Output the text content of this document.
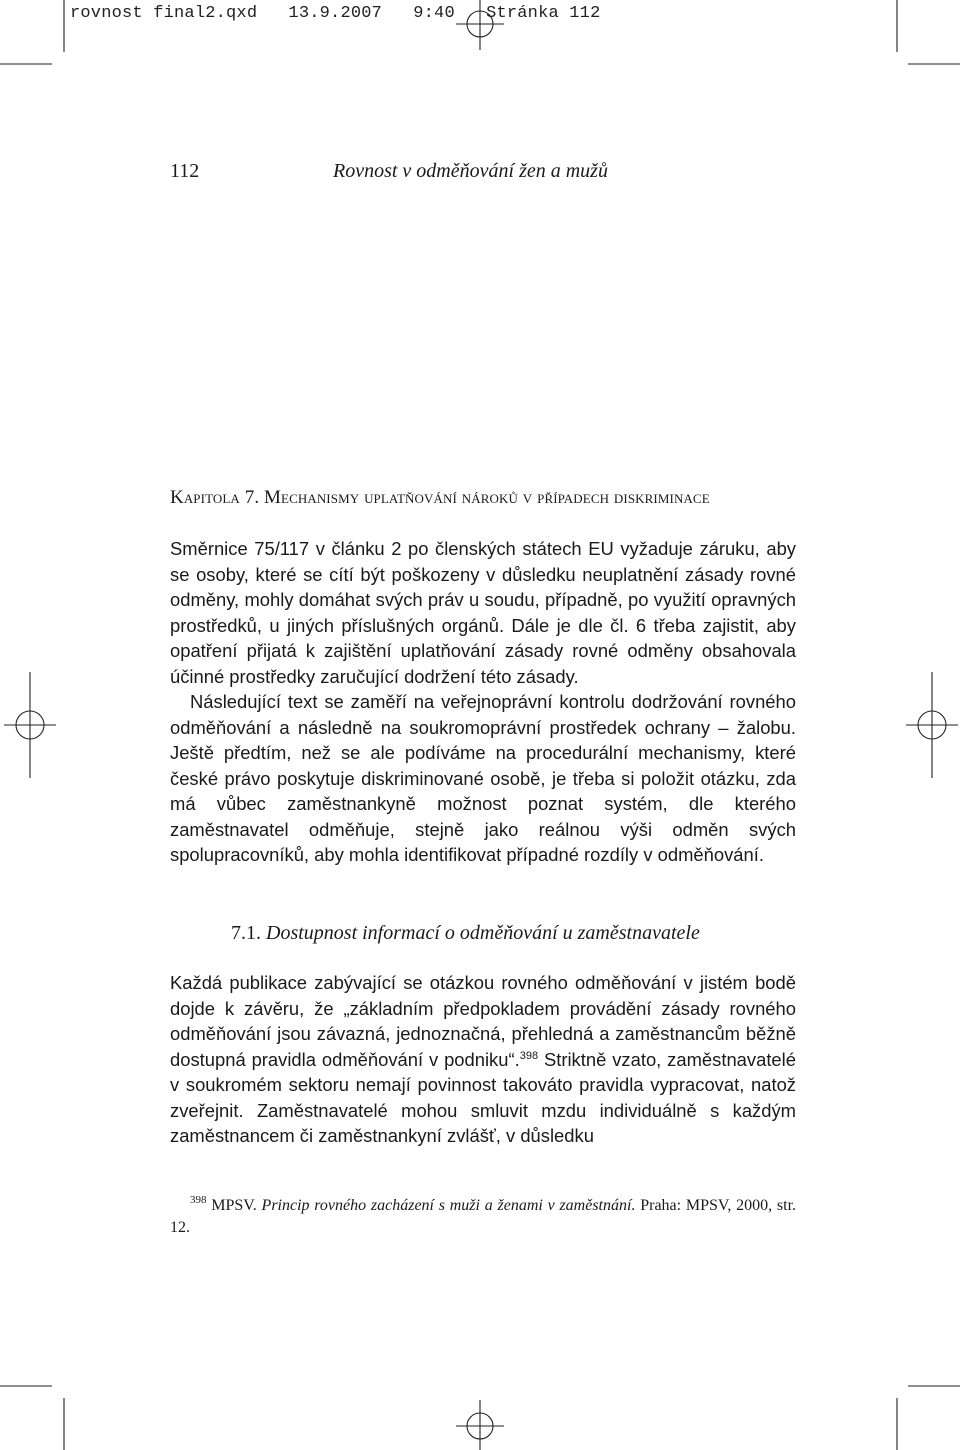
rovnost final2.qxd   13.9.2007   9:40   Stránka 112
112	Rovnost v odměňování žen a mužů
Kapitola 7. Mechanismy uplatňování nároků v případech diskriminace

Směrnice 75/117 v článku 2 po členských státech EU vyžaduje záruku, aby se osoby, které se cítí být poškozeny v důsledku neuplatnění zásady rovné odměny, mohly domáhat svých práv u soudu, případně, po využití opravných prostředků, u jiných příslušných orgánů. Dále je dle čl. 6 třeba zajistit, aby opatření přijatá k zajištění uplatňování zásady rovné odměny obsahovala účinné prostředky zaručující dodržení této zásady.

Následující text se zaměří na veřejnoprávní kontrolu dodržování rovného odměňování a následně na soukromoprávní prostředek ochrany – žalobu. Ještě předtím, než se ale podíváme na procedurální mechanismy, které české právo poskytuje diskriminované osobě, je třeba si položit otázku, zda má vůbec zaměstnankyně možnost poznat systém, dle kterého zaměstnavatel odměňuje, stejně jako reálnou výši odměn svých spolupracovníků, aby mohla identifikovat případné rozdíly v odměňování.

7.1. Dostupnost informací o odměňování u zaměstnavatele

Každá publikace zabývající se otázkou rovného odměňování v jistém bodě dojde k závěru, že „základním předpokladem provádění zásady rovného odměňování jsou závazná, jednoznačná, přehledná a zaměstnancům běžně dostupná pravidla odměňování v podniku“.$^{398}$ Striktně vzato, zaměstnavatelé v soukromém sektoru nemají povinnost takováto pravidla vypracovat, natož zveřejnit. Zaměstnavatelé mohou smluvit mzdu individuálně s každým zaměstnancem či zaměstnankyní zvlášť, v důsledku

$^{398}$ MPSV. Princip rovného zacházení s muži a ženami v zaměstnání. Praha: MPSV, 2000, str. 12.
